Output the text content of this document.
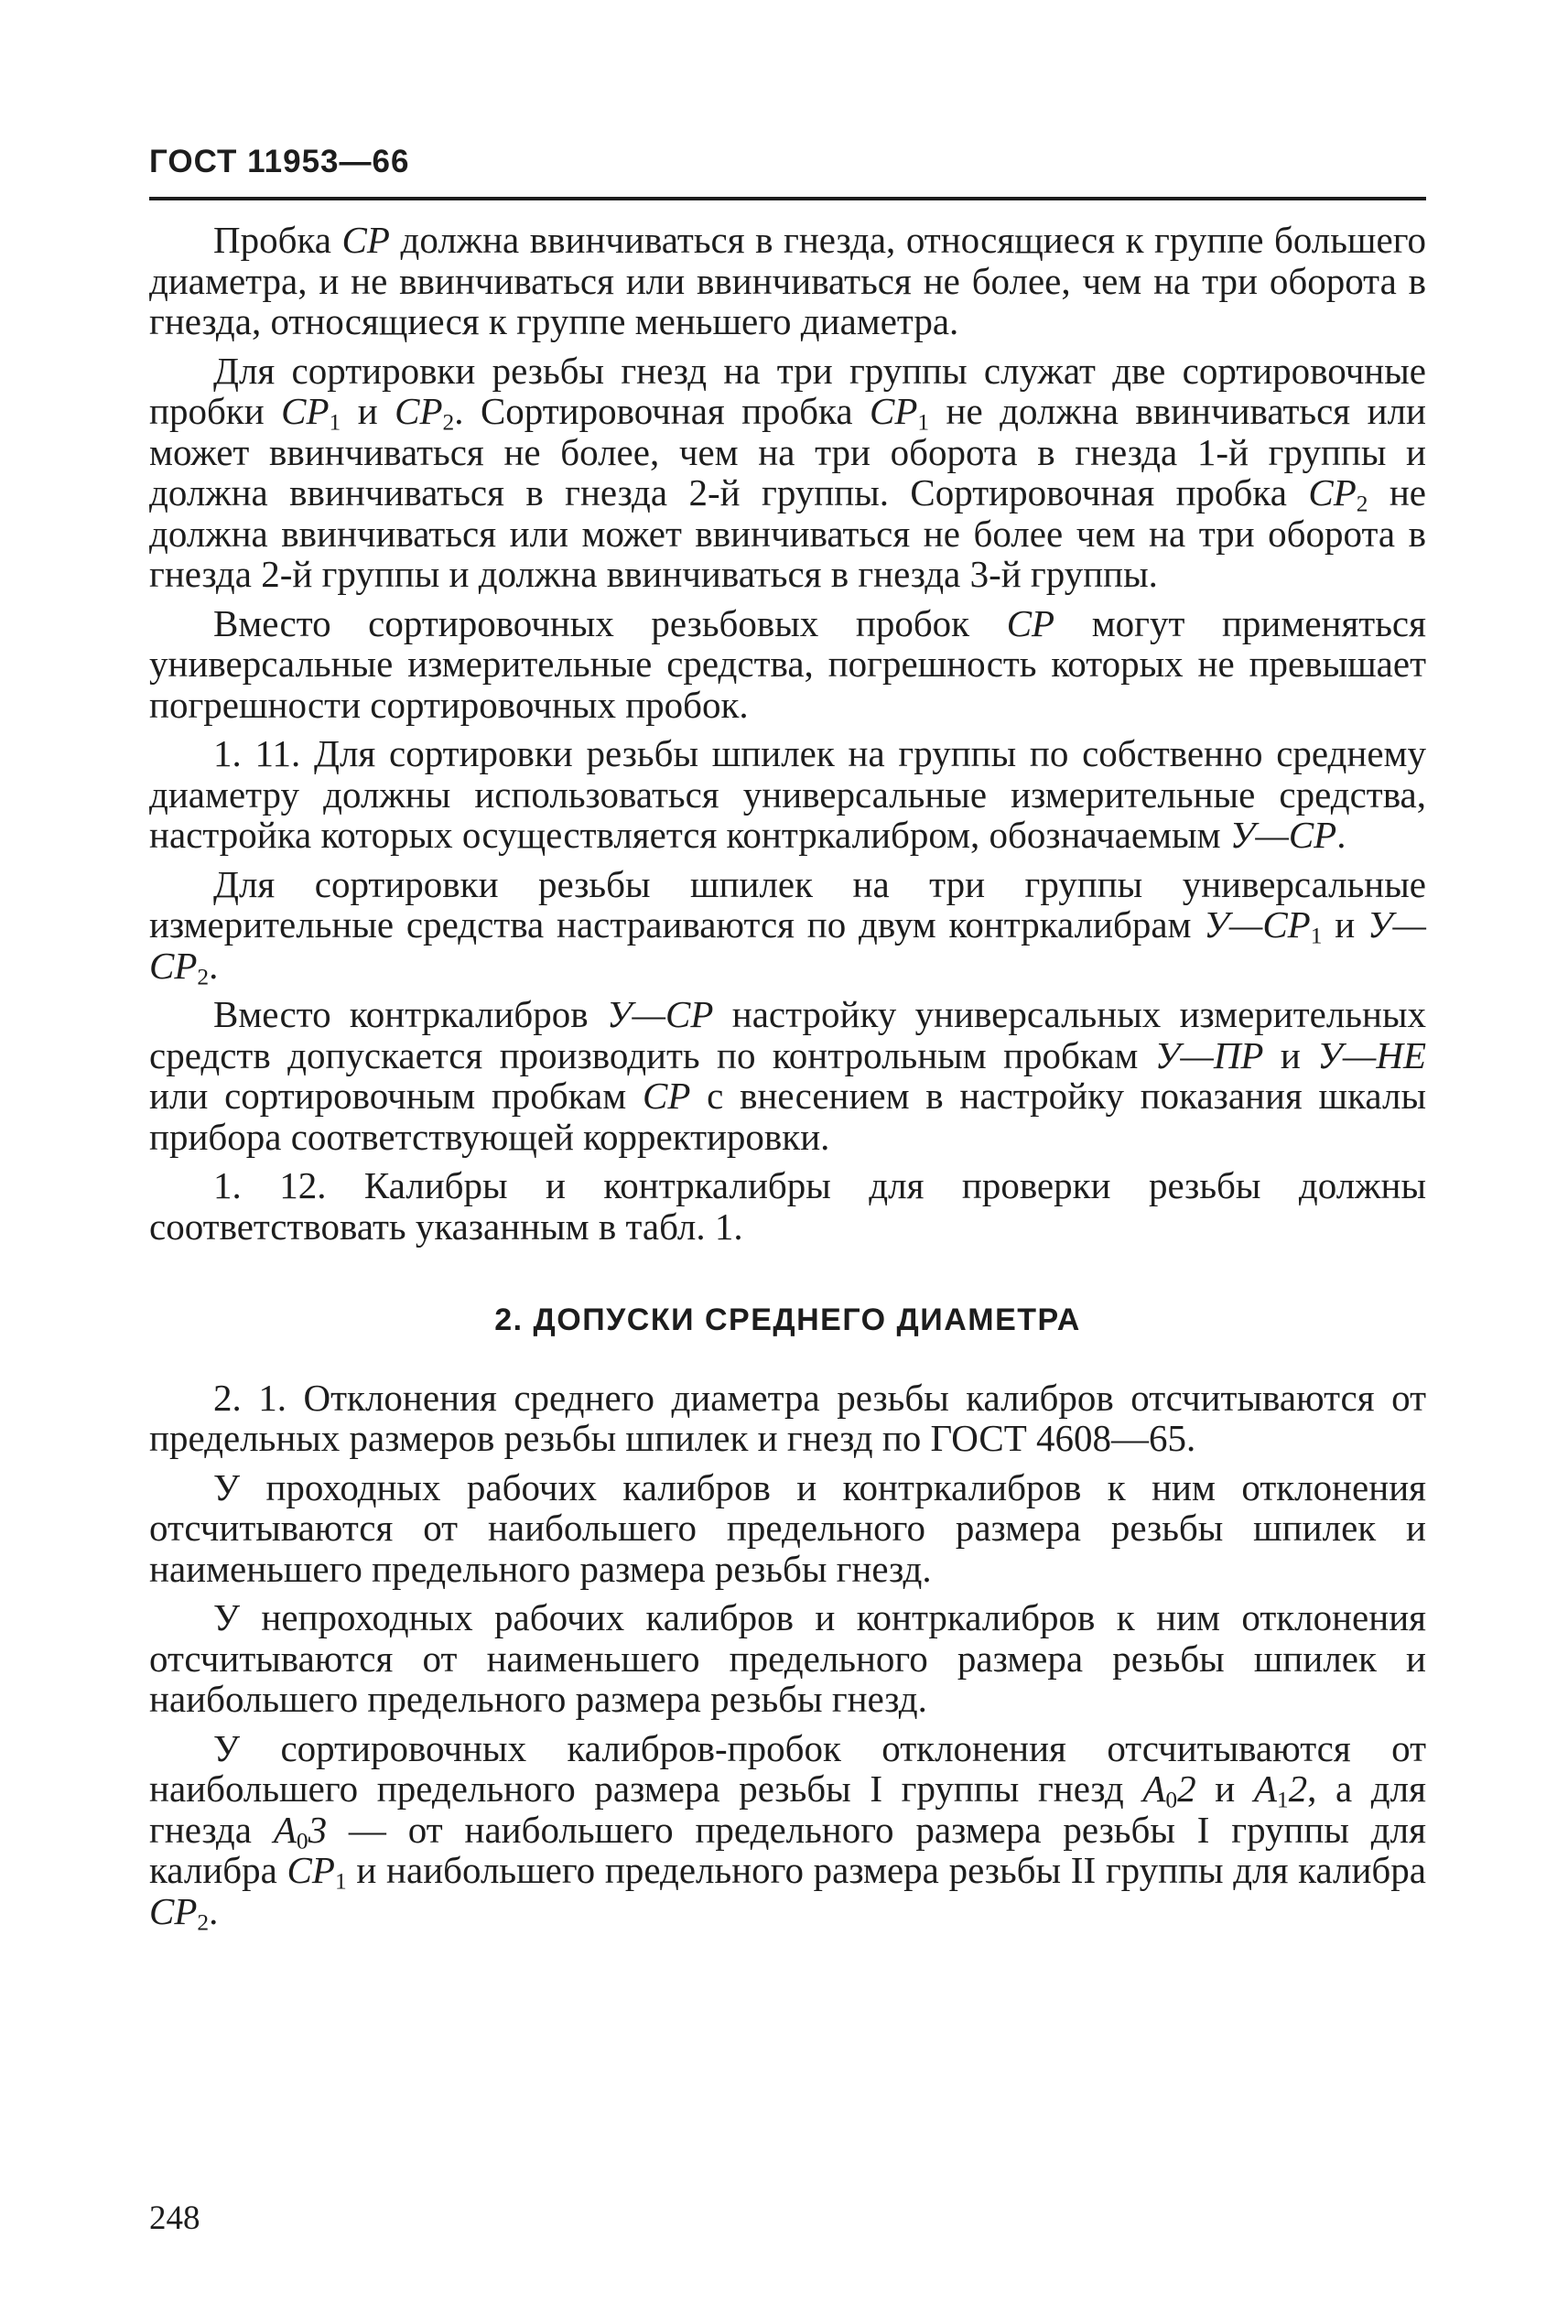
ГОСТ 11953—66

Пробка CP должна ввинчиваться в гнезда, относящиеся к группе большего диаметра, и не ввинчиваться или ввинчиваться не более, чем на три оборота в гнезда, относящиеся к группе меньшего диаметра.

Для сортировки резьбы гнезд на три группы служат две сортировочные пробки $CP_1$ и $CP_2$. Сортировочная пробка $CP_1$ не должна ввинчиваться или может ввинчиваться не более, чем на три оборота в гнезда 1-й группы и должна ввинчиваться в гнезда 2-й группы. Сортировочная пробка $CP_2$ не должна ввинчиваться или может ввинчиваться не более чем на три оборота в гнезда 2-й группы и должна ввинчиваться в гнезда 3-й группы.

Вместо сортировочных резьбовых пробок CP могут применяться универсальные измерительные средства, погрешность которых не превышает погрешности сортировочных пробок.

1. 11. Для сортировки резьбы шпилек на группы по собственно среднему диаметру должны использоваться универсальные измерительные средства, настройка которых осуществляется контркалибром, обозначаемым У—CP.

Для сортировки резьбы шпилек на три группы универсальные измерительные средства настраиваются по двум контркалибрам $У—CP_1$ и $У—CP_2$.

Вместо контркалибров У—CP настройку универсальных измерительных средств допускается производить по контрольным пробкам У—ПР и У—НЕ или сортировочным пробкам CP с внесением в настройку показания шкалы прибора соответствующей корректировки.

1. 12. Калибры и контркалибры для проверки резьбы должны соответствовать указанным в табл. 1.

2. ДОПУСКИ СРЕДНЕГО ДИАМЕТРА

2. 1. Отклонения среднего диаметра резьбы калибров отсчитываются от предельных размеров резьбы шпилек и гнезд по ГОСТ 4608—65.

У проходных рабочих калибров и контркалибров к ним отклонения отсчитываются от наибольшего предельного размера резьбы шпилек и наименьшего предельного размера резьбы гнезд.

У непроходных рабочих калибров и контркалибров к ним отклонения отсчитываются от наименьшего предельного размера резьбы шпилек и наибольшего предельного размера резьбы гнезд.

У сортировочных калибров-пробок отклонения отсчитываются от наибольшего предельного размера резьбы I группы гнезд $A_02$ и $A_12$, а для гнезда $A_03$ — от наибольшего предельного размера резьбы I группы для калибра $CP_1$ и наибольшего предельного размера резьбы II группы для калибра $CP_2$.

248
